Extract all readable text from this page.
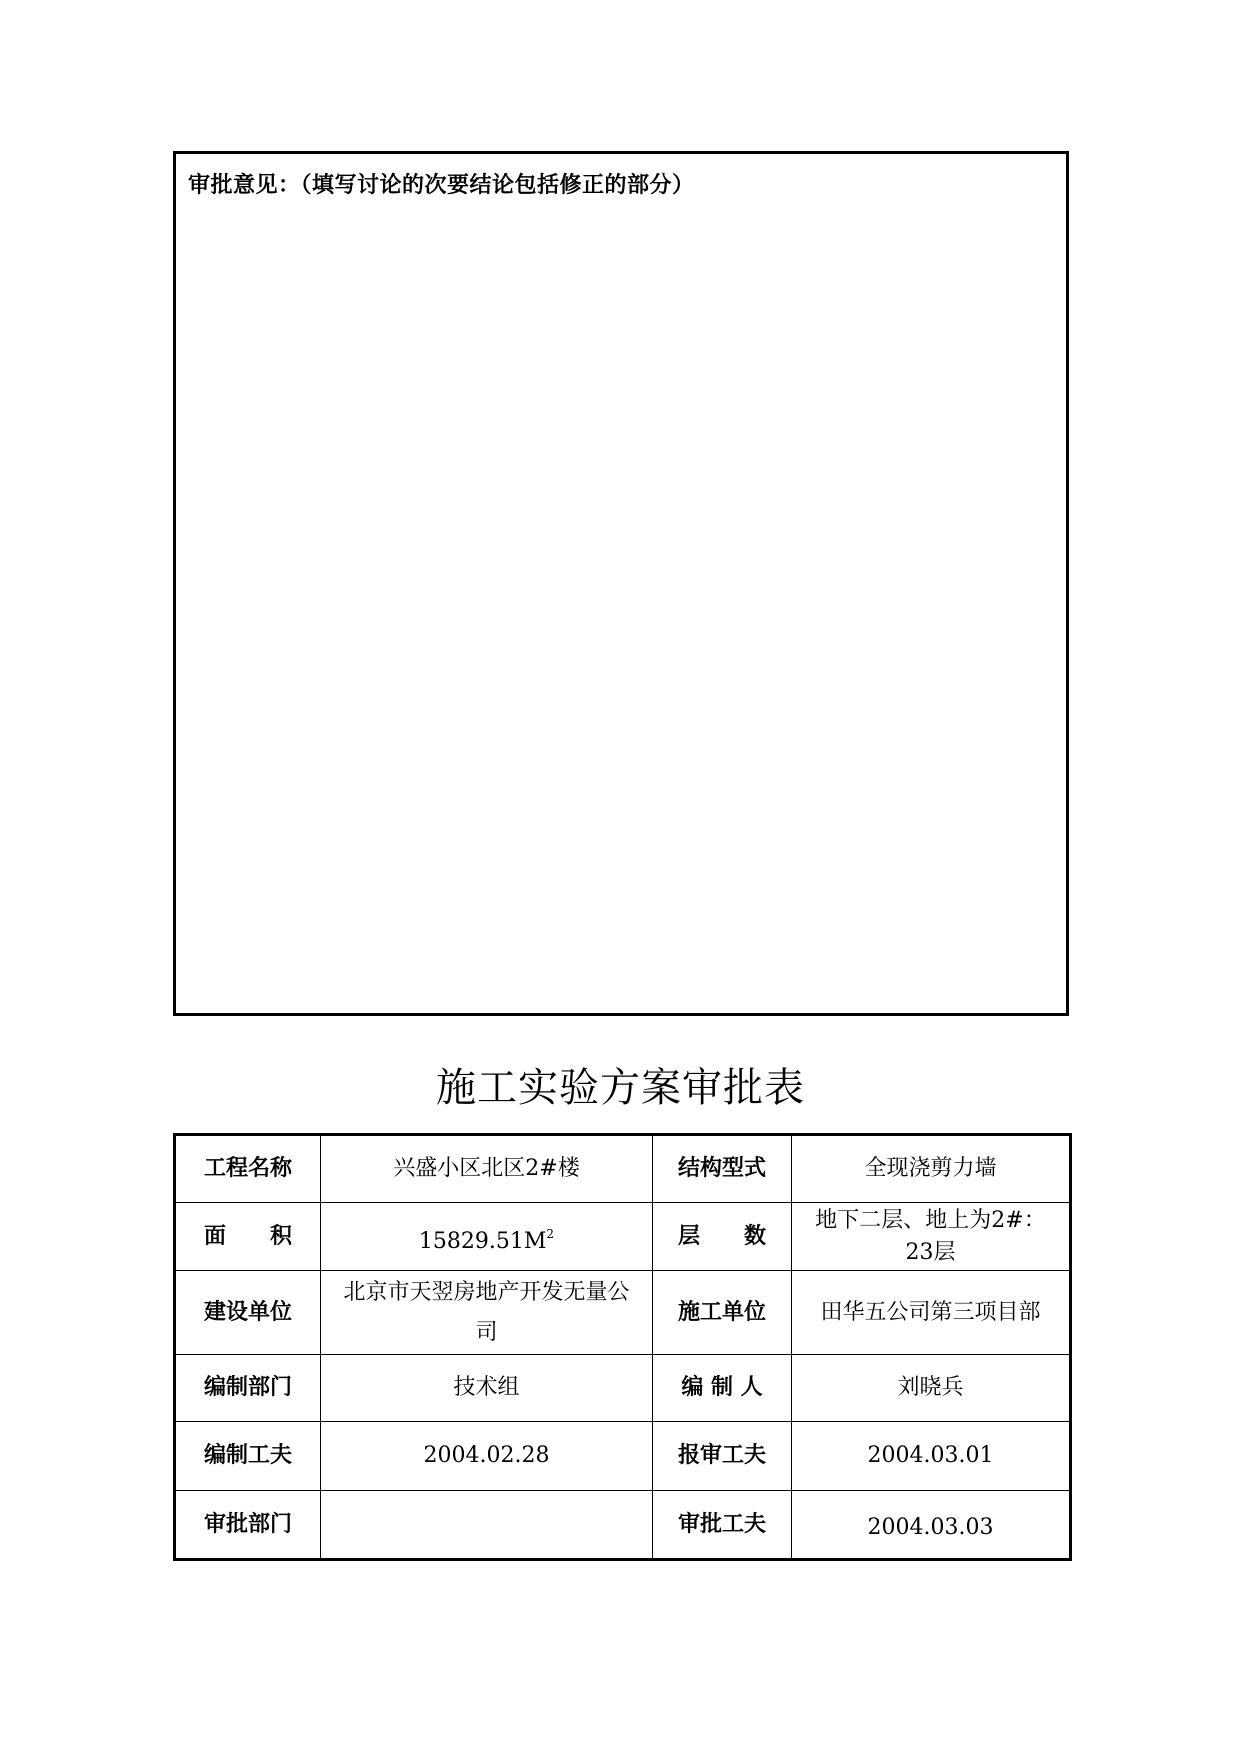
审批意见：（填写讨论的次要结论包括修正的部分）
施工实验方案审批表
工程名称	兴盛小区北区2#楼	结构型式	全现浇剪力墙
面　　积	$15829.51M^2$	层　　数	地下二层、地上为2#：23层
建设单位	北京市天翌房地产开发无量公司	施工单位	田华五公司第三项目部
编制部门	技术组	编 制 人	刘晓兵
编制工夫	2004.02.28	报审工夫	2004.03.01
审批部门		审批工夫	2004.03.03
